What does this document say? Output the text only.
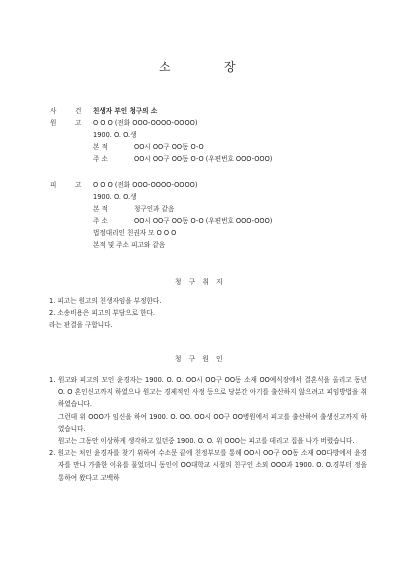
소	장
사	건 친생자 부인 청구의 소
원	고 O O O (전화 OOO-OOOO-OOOO)
1900. O. O.생
본 적	OO시 OO구 OO동 O-O
주 소	OO시 OO구 OO동 O-O (우편번호 OOO-OOO)
피	고 O O O (전화 OOO-OOOO-OOOO)
1900. O. O.생
본 적	청구인과 같음
주 소	OO시 OO구 OO동 O-O (우편번호 OOO-OOO)
법정대리인 친권자 모 O O O
본적 및 주소 피고와 같음
청 구 취 지
1. 피고는 원고의 친생자임을 부정한다.
2. 소송비용은 피고의 부담으로 한다.
라는 판결을 구합니다.
청 구 원 인

1. 원고와 피고의 모인 윤경자는 1900. O. O. OO시 OO구 OO동 소재 OO예식장에서 결혼식을 올리고 동년 O. O 혼인신고까지 하였으나 원고는 경제적인 사정 등으로 당분간 아기를 출산하지 않으려고 피임방법을 취하였습니다.

그런데 위 OOO가 임신을 하여 1900. O. OO. OO시 OO구 OO병원에서 피고를 출산하여 출생신고까지 하였습니다.

원고는 그동안 이상하게 생각하고 있던중 1900. O. O. 위 OOO는 피고를 데리고 집을 나가 버렸습니다.

2. 원고는 처인 윤경자를 찾기 위하여 수소문 끝에 친정부모를 통해 OO시 OO구 OO동 소재 OO다방에서 윤경자를 만나 가출한 이유를 물었더니 동인이 OO대학교 시절의 친구인 소외 OOO과 1900. O. O.경부터 정을 통하여 왔다고 고백하
